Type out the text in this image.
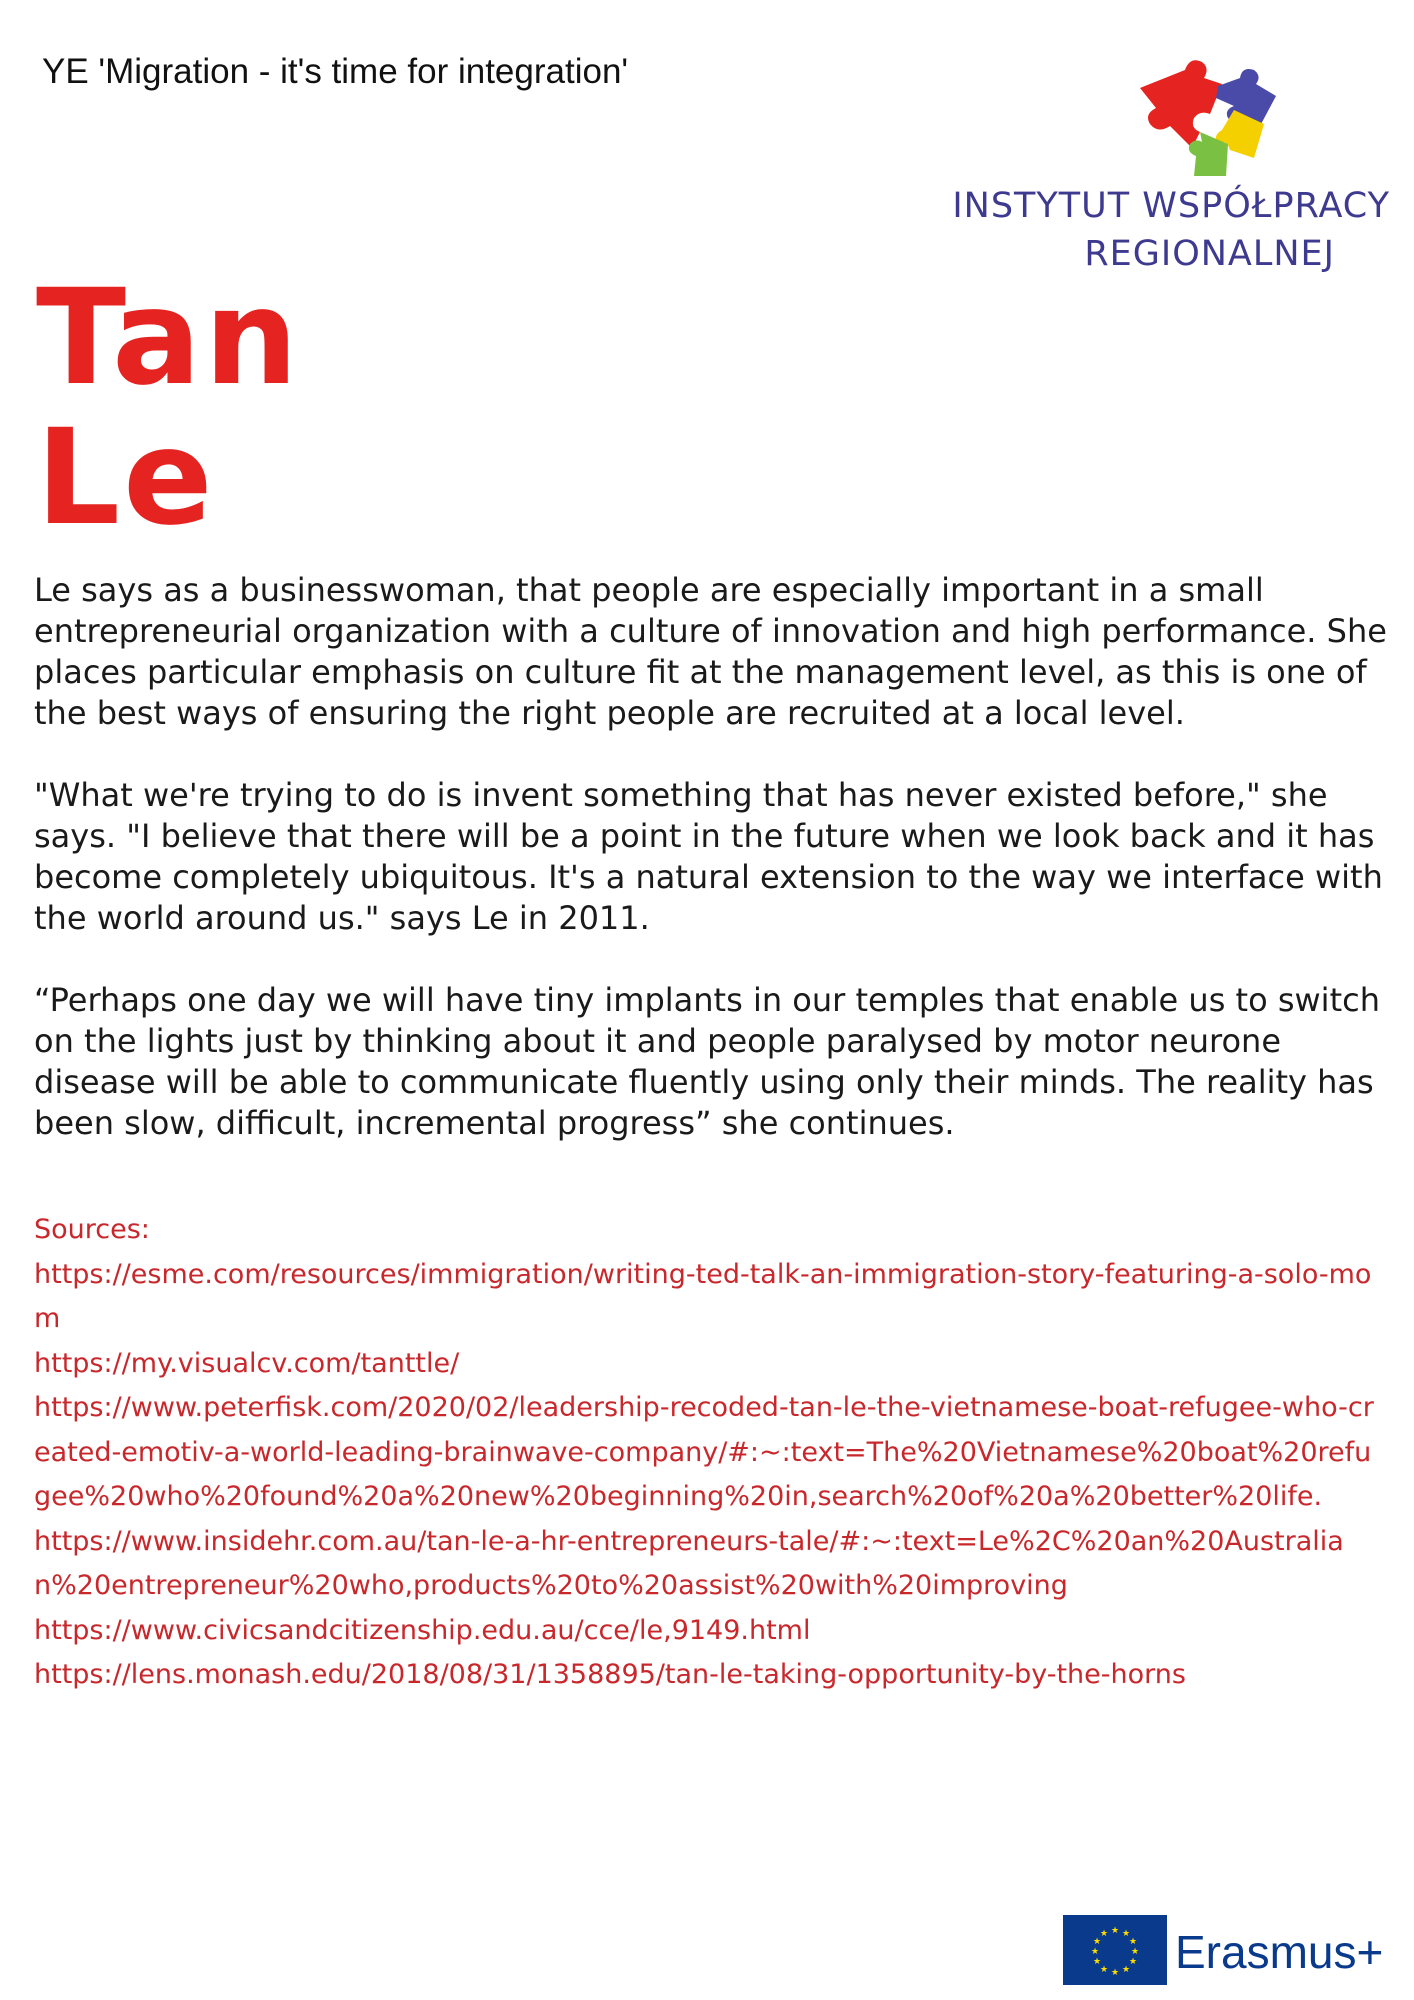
YE 'Migration - it's time for integration'
INSTYTUT WSPÓŁPRACY
REGIONALNEJ
Tan
Le

Le says as a businesswoman, that people are especially important in a small entrepreneurial organization with a culture of innovation and high performance. She places particular emphasis on culture fit at the management level, as this is one of the best ways of ensuring the right people are recruited at a local level.

"What we're trying to do is invent something that has never existed before," she says. "I believe that there will be a point in the future when we look back and it has become completely ubiquitous. It's a natural extension to the way we interface with the world around us." says Le in 2011.

“Perhaps one day we will have tiny implants in our temples that enable us to switch on the lights just by thinking about it and people paralysed by motor neurone disease will be able to communicate fluently using only their minds. The reality has been slow, difficult, incremental progress” she continues.

Sources:
https://esme.com/resources/immigration/writing-ted-talk-an-immigration-story-featuring-a-solo-mom
https://my.visualcv.com/tanttle/
https://www.peterfisk.com/2020/02/leadership-recoded-tan-le-the-vietnamese-boat-refugee-who-created-emotiv-a-world-leading-brainwave-company/#:~:text=The%20Vietnamese%20boat%20refugee%20who%20found%20a%20new%20beginning%20in,search%20of%20a%20better%20life.
https://www.insidehr.com.au/tan-le-a-hr-entrepreneurs-tale/#:~:text=Le%2C%20an%20Australian%20entrepreneur%20who,products%20to%20assist%20with%20improving
https://www.civicsandcitizenship.edu.au/cce/le,9149.html
https://lens.monash.edu/2018/08/31/1358895/tan-le-taking-opportunity-by-the-horns
★ ★
★
★
★
★
★
★
★
★
★
★ Erasmus+
